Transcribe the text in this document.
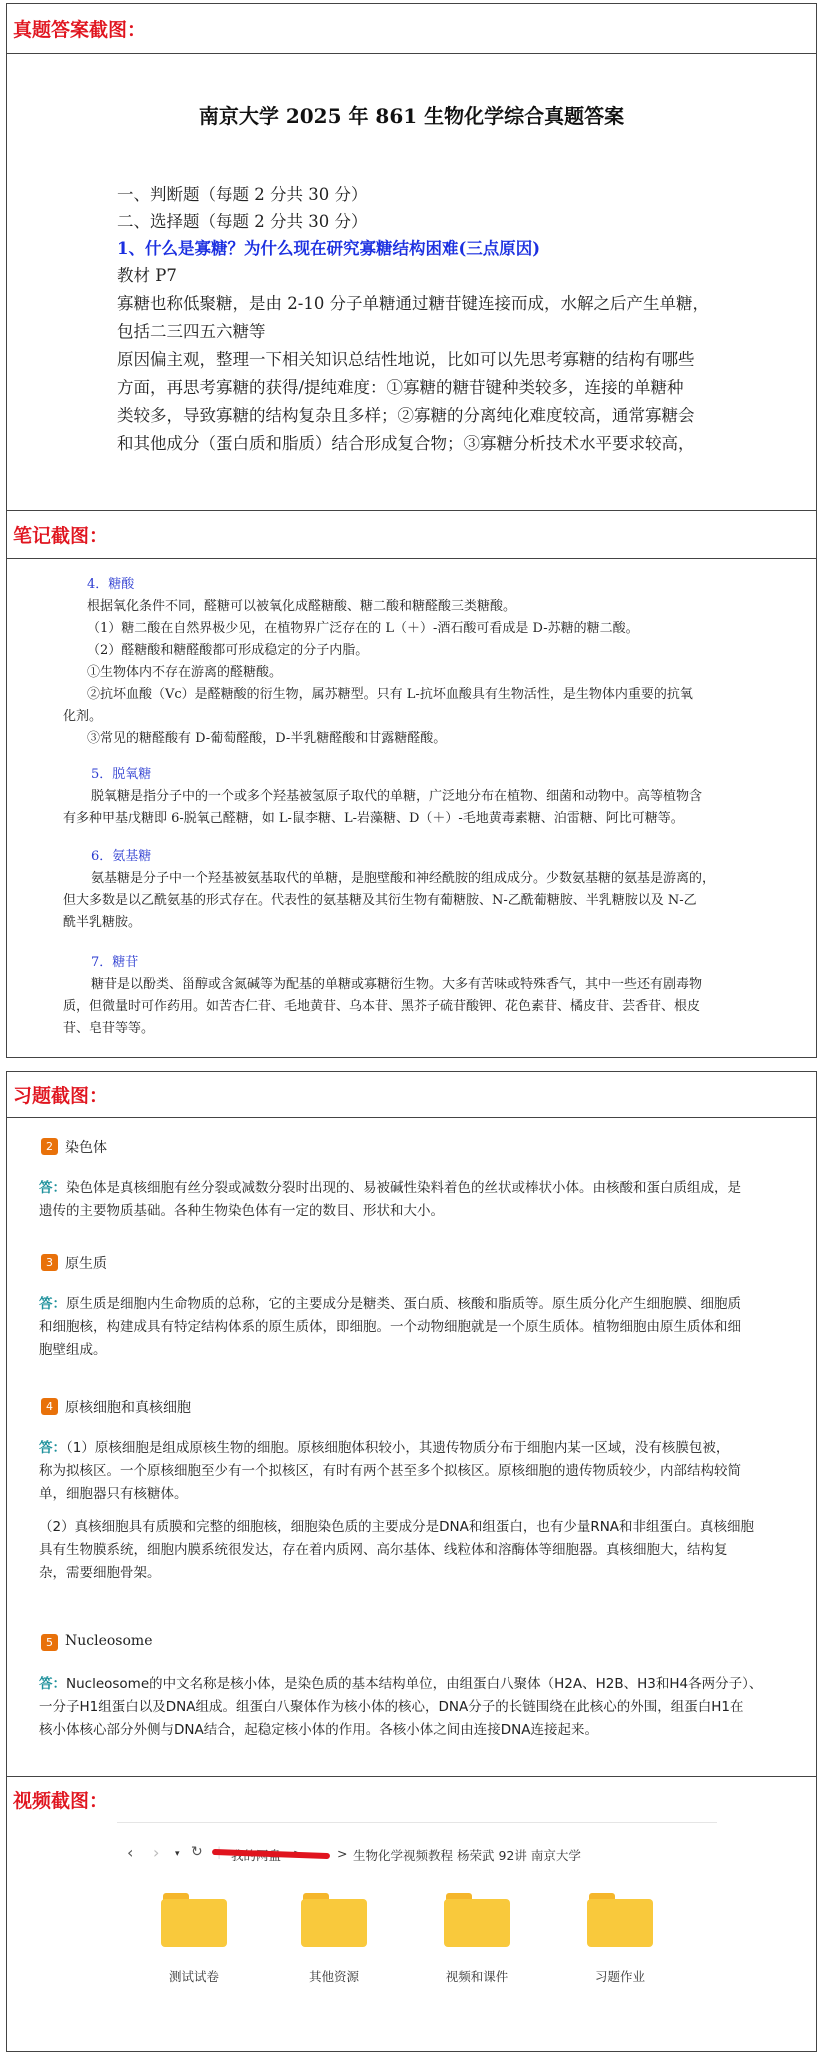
真题答案截图：
南京大学 2025 年 861 生物化学综合真题答案
一、判断题（每题 2 分共 30 分）
二、选择题（每题 2 分共 30 分）
1、什么是寡糖？为什么现在研究寡糖结构困难(三点原因)
教材 P7
寡糖也称低聚糖，是由 2-10 分子单糖通过糖苷键连接而成，水解之后产生单糖，
包括二三四五六糖等
原因偏主观，整理一下相关知识总结性地说，比如可以先思考寡糖的结构有哪些
方面，再思考寡糖的获得/提纯难度：①寡糖的糖苷键种类较多，连接的单糖种
类较多，导致寡糖的结构复杂且多样；②寡糖的分离纯化难度较高，通常寡糖会
和其他成分（蛋白质和脂质）结合形成复合物；③寡糖分析技术水平要求较高，
笔记截图：
4．糖酸
根据氧化条件不同，醛糖可以被氧化成醛糖酸、糖二酸和糖醛酸三类糖酸。
（1）糖二酸在自然界极少见，在植物界广泛存在的 L（＋）-酒石酸可看成是 D-苏糖的糖二酸。
（2）醛糖酸和糖醛酸都可形成稳定的分子内脂。
①生物体内不存在游离的醛糖酸。
②抗坏血酸（Vc）是醛糖酸的衍生物，属苏糖型。只有 L-抗坏血酸具有生物活性，是生物体内重要的抗氧
化剂。
③常见的糖醛酸有 D-葡萄醛酸，D-半乳糖醛酸和甘露糖醛酸。
5．脱氧糖
脱氧糖是指分子中的一个或多个羟基被氢原子取代的单糖，广泛地分布在植物、细菌和动物中。高等植物含
有多种甲基戊糖即 6-脱氧己醛糖，如 L-鼠李糖、L-岩藻糖、D（＋）-毛地黄毒素糖、泊雷糖、阿比可糖等。
6．氨基糖
氨基糖是分子中一个羟基被氨基取代的单糖，是胞壁酸和神经酰胺的组成成分。少数氨基糖的氨基是游离的，
但大多数是以乙酰氨基的形式存在。代表性的氨基糖及其衍生物有葡糖胺、N-乙酰葡糖胺、半乳糖胺以及 N-乙
酰半乳糖胺。
7．糖苷
糖苷是以酚类、甾醇或含氮碱等为配基的单糖或寡糖衍生物。大多有苦味或特殊香气，其中一些还有剧毒物
质，但微量时可作药用。如苦杏仁苷、毛地黄苷、乌本苷、黑芥子硫苷酸钾、花色素苷、橘皮苷、芸香苷、根皮
苷、皂苷等等。
习题截图：
2 染色体
答：染色体是真核细胞有丝分裂或减数分裂时出现的、易被碱性染料着色的丝状或棒状小体。由核酸和蛋白质组成，是
遗传的主要物质基础。各种生物染色体有一定的数目、形状和大小。
3 原生质
答：原生质是细胞内生命物质的总称，它的主要成分是糖类、蛋白质、核酸和脂质等。原生质分化产生细胞膜、细胞质
和细胞核，构建成具有特定结构体系的原生质体，即细胞。一个动物细胞就是一个原生质体。植物细胞由原生质体和细
胞壁组成。
4 原核细胞和真核细胞
答：（1）原核细胞是组成原核生物的细胞。原核细胞体积较小，其遗传物质分布于细胞内某一区域，没有核膜包被，
称为拟核区。一个原核细胞至少有一个拟核区，有时有两个甚至多个拟核区。原核细胞的遗传物质较少，内部结构较简
单，细胞器只有核糖体。
（2）真核细胞具有质膜和完整的细胞核，细胞染色质的主要成分是DNA和组蛋白，也有少量RNA和非组蛋白。真核细胞
具有生物膜系统，细胞内膜系统很发达，存在着内质网、高尔基体、线粒体和溶酶体等细胞器。真核细胞大，结构复
杂，需要细胞骨架。
5 Nucleosome
答：Nucleosome的中文名称是核小体，是染色质的基本结构单位，由组蛋白八聚体（H2A、H2B、H3和H4各两分子）、
一分子H1组蛋白以及DNA组成。组蛋白八聚体作为核小体的核心，DNA分子的长链围绕在此核心的外围，组蛋白H1在
核小体核心部分外侧与DNA结合，起稳定核小体的作用。各核小体之间由连接DNA连接起来。
视频截图：
‹ › ▾ ↻	> 生物化学视频教程 杨荣武 92讲 南京大学
测试试卷	其他资源	视频和课件	习题作业
